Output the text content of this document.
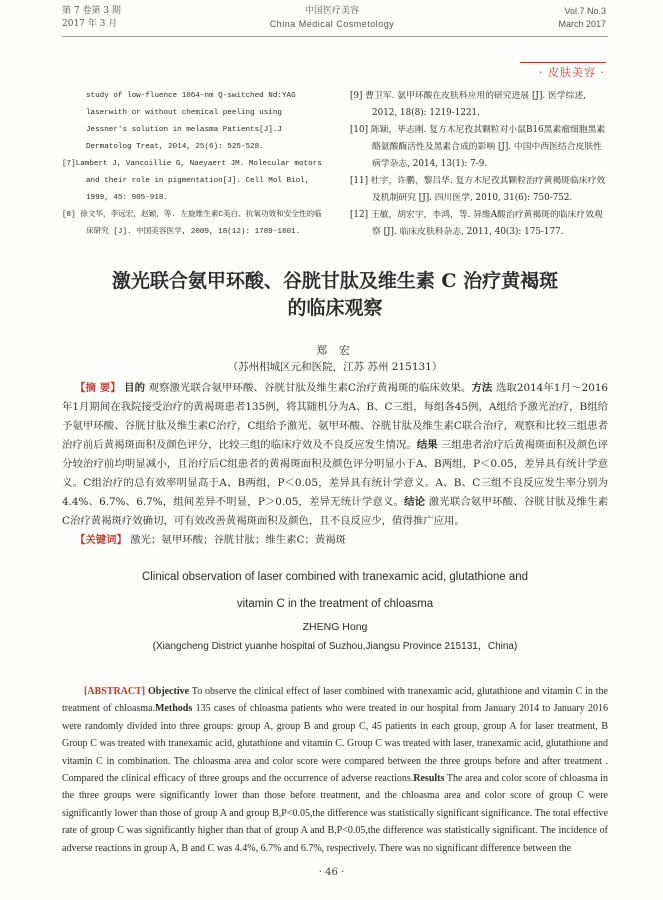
第 7 卷第 3 期
2017 年 3 月
中国医疗美容
China Medical Cosmetology
Vol.7 No.3
March 2017
· 皮肤美容 ·
study of low-fluence 1064-nm Q-switched Nd:YAG laserwith or without chemical peeling using Jessner's solution in melasma Patients[J].J Dermatolog Treat, 2014, 25(6): 525-528.
[7]Lambert J, Vancoillie G, Naeyaert JM. Molecular motors and their role in pigmentation[J]. Cell Mol Biol, 1999, 45: 905-918.
[8] 徐文华，李远宏，赵颖，等. 左旋维生素C美白、抗氧功效和安全性的临床研究 [J]. 中国美容医学, 2009, 18(12): 1789-1801.
[9] 曹卫军. 氨甲环酸在皮肤科应用的研究进展 [J]. 医学综述, 2012, 18(8): 1219-1221.
[10] 陈颖，毕志刚. 复方木尼孜其颗粒对小鼠B16黑素瘤细胞黑素酪氨酸酶活性及黑素合成的影响 [J]. 中国中西医结合皮肤性病学杂志, 2014, 13(1): 7-9.
[11] 杜宇，许鹏，黎吕华. 复方木尼孜其颗粒治疗黄褐斑临床疗效及机制研究 [J]. 四川医学, 2010, 31(6): 750-752.
[12] 王敏，胡宏宇，李鸿，等. 异维A酸治疗黄褐斑的临床疗效观察 [J]. 临床皮肤科杂志, 2011, 40(3): 175-177.
激光联合氨甲环酸、谷胱甘肽及维生素 C 治疗黄褐斑
的临床观察
郑 宏
（苏州相城区元和医院，江苏 苏州 215131）
【摘 要】 目的 观察激光联合氨甲环酸、谷胱甘肽及维生素C治疗黄褐斑的临床效果。方法 选取2014年1月～2016年1月期间在我院接受治疗的黄褐斑患者135例，将其随机分为A、B、C三组，每组各45例，A组给予激光治疗，B组给予氨甲环酸、谷胱甘肽及维生素C治疗，C组给予激光、氨甲环酸、谷胱甘肽及维生素C联合治疗，观察和比较三组患者治疗前后黄褐斑面积及颜色评分，比较三组的临床疗效及不良反应发生情况。结果 三组患者治疗后黄褐斑面积及颜色评分较治疗前均明显减小，且治疗后C组患者的黄褐斑面积及颜色评分明显小于A、B两组，P＜0.05，差异具有统计学意义。C组治疗的总有效率明显高于A、B两组，P＜0.05，差异具有统计学意义。A、B、C三组不良反应发生率分别为4.4%、6.7%、6.7%，组间差异不明显，P＞0.05，差异无统计学意义。结论 激光联合氨甲环酸、谷胱甘肽及维生素C治疗黄褐斑疗效确切，可有效改善黄褐斑面积及颜色，且不良反应少，值得推广应用。
【关键词】 激光；氨甲环酸；谷胱甘肽；维生素C；黄褐斑
Clinical observation of laser combined with tranexamic acid, glutathione and
vitamin C in the treatment of chloasma
ZHENG Hong
(Xiangcheng District yuanhe hospital of Suzhou,Jiangsu Province 215131，China)
[ABSTRACT] Objective To observe the clinical effect of laser combined with tranexamic acid, glutathione and vitamin C in the treatment of chloasma.Methods 135 cases of chloasma patients who were treated in our hospital from January 2014 to January 2016 were randomly divided into three groups: group A, group B and group C, 45 patients in each group, group A for laser treatment, B Group C was treated with tranexamic acid, glutathione and vitamin C. Group C was treated with laser, tranexamic acid, glutathione and vitamin C in combination. The chloasma area and color score were compared between the three groups before and after treatment . Compared the clinical efficacy of three groups and the occurrence of adverse reactions.Results The area and color score of chloasma in the three groups were significantly lower than those before treatment, and the chloasma area and color score of group C were significantly lower than those of group A and group B,P<0.05,the difference was statistically significant significance. The total effective rate of group C was significantly higher than that of group A and B,P<0.05,the difference was statistically significant. The incidence of adverse reactions in group A, B and C was 4.4%, 6.7% and 6.7%, respectively. There was no significant difference between the
· 46 ·
